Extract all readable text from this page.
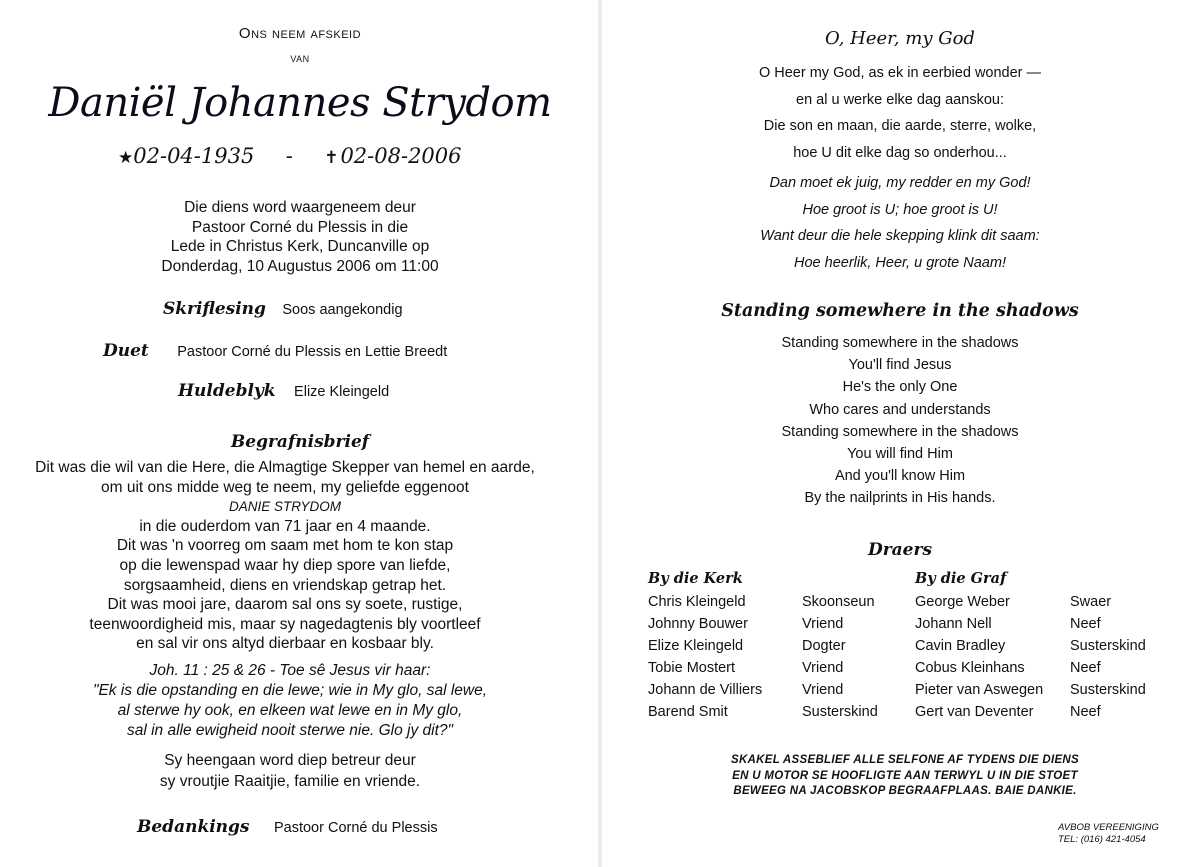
Ons neem afskeid
van
Daniël Johannes Strydom
★02-04-1935 - ✝02-08-2006
Die diens word waargeneem deur
Pastoor Corné du Plessis in die
Lede in Christus Kerk, Duncanville op
Donderdag, 10 Augustus 2006 om 11:00
Skriflesing Soos aangekondig
Duet Pastoor Corné du Plessis en Lettie Breedt
Huldeblyk Elize Kleingeld
Begrafnisbrief
Dit was die wil van die Here, die Almagtige Skepper van hemel en aarde,
om uit ons midde weg te neem, my geliefde eggenoot
DANIE STRYDOM
in die ouderdom van 71 jaar en 4 maande.
Dit was 'n voorreg om saam met hom te kon stap
op die lewenspad waar hy diep spore van liefde,
sorgsaamheid, diens en vriendskap getrap het.
Dit was mooi jare, daarom sal ons sy soete, rustige,
teenwoordigheid mis, maar sy nagedagtenis bly voortleef
en sal vir ons altyd dierbaar en kosbaar bly.
Joh. 11 : 25 & 26 - Toe sê Jesus vir haar:
"Ek is die opstanding en die lewe; wie in My glo, sal lewe,
al sterwe hy ook, en elkeen wat lewe en in My glo,
sal in alle ewigheid nooit sterwe nie. Glo jy dit?"
Sy heengaan word diep betreur deur
sy vroutjie Raaitjie, familie en vriende.
Bedankings Pastoor Corné du Plessis
O, Heer, my God
O Heer my God, as ek in eerbied wonder —
en al u werke elke dag aanskou:
Die son en maan, die aarde, sterre, wolke,
hoe U dit elke dag so onderhou...
Dan moet ek juig, my redder en my God!
Hoe groot is U; hoe groot is U!
Want deur die hele skepping klink dit saam:
Hoe heerlik, Heer, u grote Naam!
Standing somewhere in the shadows
Standing somewhere in the shadows
You'll find Jesus
He's the only One
Who cares and understands
Standing somewhere in the shadows
You will find Him
And you'll know Him
By the nailprints in His hands.
Draers
By die Kerk	By die Graf
Chris Kleingeld	Skoonseun
Johnny Bouwer	Vriend
Elize Kleingeld	Dogter
Tobie Mostert	Vriend
Johann de Villiers	Vriend
Barend Smit	Susterskind
George Weber	Swaer
Johann Nell	Neef
Cavin Bradley	Susterskind
Cobus Kleinhans	Neef
Pieter van Aswegen Susterskind
Gert van Deventer	Neef
SKAKEL ASSEBLIEF ALLE SELFONE AF TYDENS DIE DIENS
EN U MOTOR SE HOOFLIGTE AAN TERWYL U IN DIE STOET
BEWEEG NA JACOBSKOP BEGRAAFPLAAS. BAIE DANKIE.
AVBOB VEREENIGING
TEL: (016) 421-4054
